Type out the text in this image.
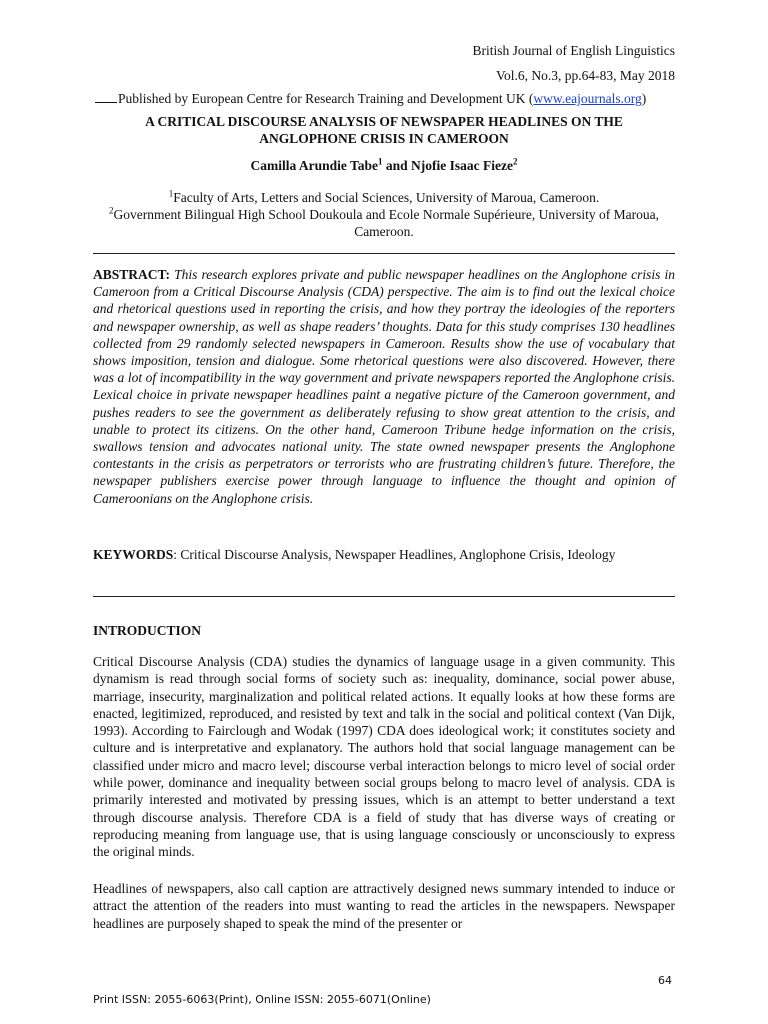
British Journal of English Linguistics
Vol.6, No.3, pp.64-83, May 2018
Published by European Centre for Research Training and Development UK (www.eajournals.org)
A CRITICAL DISCOURSE ANALYSIS OF NEWSPAPER HEADLINES ON THE
ANGLOPHONE CRISIS IN CAMEROON
Camilla Arundie Tabe$^1$ and Njofie Isaac Fieze$^2$
$^1$Faculty of Arts, Letters and Social Sciences, University of Maroua, Cameroon.
$^2$Government Bilingual High School Doukoula and Ecole Normale Supérieure, University of Maroua, Cameroon.
ABSTRACT: This research explores private and public newspaper headlines on the Anglophone crisis in Cameroon from a Critical Discourse Analysis (CDA) perspective. The aim is to find out the lexical choice and rhetorical questions used in reporting the crisis, and how they portray the ideologies of the reporters and newspaper ownership, as well as shape readers’ thoughts. Data for this study comprises 130 headlines collected from 29 randomly selected newspapers in Cameroon. Results show the use of vocabulary that shows imposition, tension and dialogue. Some rhetorical questions were also discovered. However, there was a lot of incompatibility in the way government and private newspapers reported the Anglophone crisis. Lexical choice in private newspaper headlines paint a negative picture of the Cameroon government, and pushes readers to see the government as deliberately refusing to show great attention to the crisis, and unable to protect its citizens. On the other hand, Cameroon Tribune hedge information on the crisis, swallows tension and advocates national unity. The state owned newspaper presents the Anglophone contestants in the crisis as perpetrators or terrorists who are frustrating children’s future. Therefore, the newspaper publishers exercise power through language to influence the thought and opinion of Cameroonians on the Anglophone crisis.
KEYWORDS: Critical Discourse Analysis, Newspaper Headlines, Anglophone Crisis, Ideology
INTRODUCTION
Critical Discourse Analysis (CDA) studies the dynamics of language usage in a given community. This dynamism is read through social forms of society such as: inequality, dominance, social power abuse, marriage, insecurity, marginalization and political related actions. It equally looks at how these forms are enacted, legitimized, reproduced, and resisted by text and talk in the social and political context (Van Dijk, 1993). According to Fairclough and Wodak (1997) CDA does ideological work; it constitutes society and culture and is interpretative and explanatory. The authors hold that social language management can be classified under micro and macro level; discourse verbal interaction belongs to micro level of social order while power, dominance and inequality between social groups belong to macro level of analysis. CDA is primarily interested and motivated by pressing issues, which is an attempt to better understand a text through discourse analysis. Therefore CDA is a field of study that has diverse ways of creating or reproducing meaning from language use, that is using language consciously or unconsciously to express the original minds.
Headlines of newspapers, also call caption are attractively designed news summary intended to induce or attract the attention of the readers into must wanting to read the articles in the newspapers. Newspaper headlines are purposely shaped to speak the mind of the presenter or
64
Print ISSN: 2055-6063(Print), Online ISSN: 2055-6071(Online)
